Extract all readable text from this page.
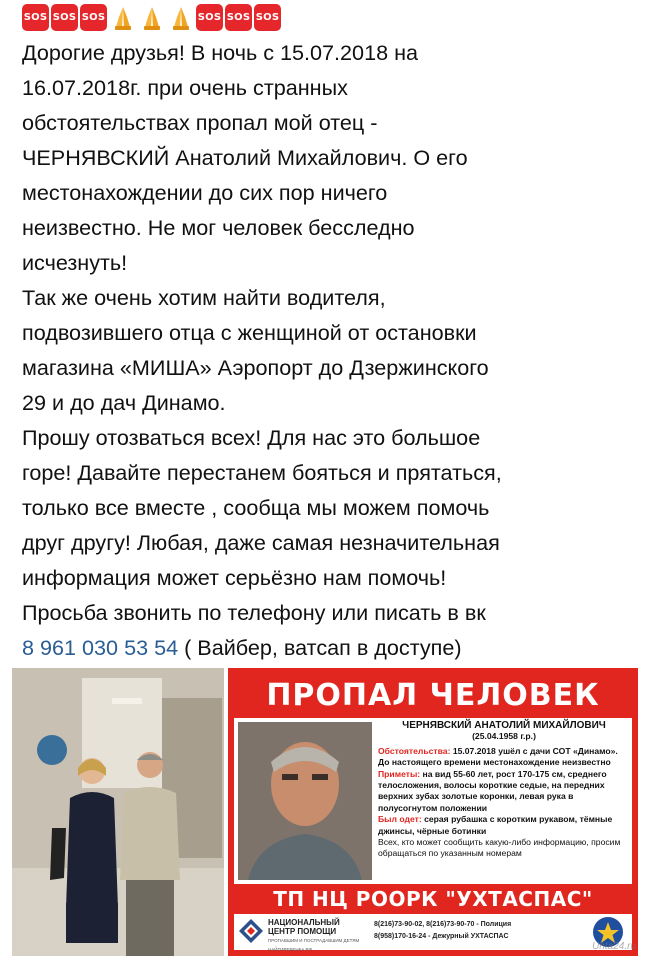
SOS SOS SOS	SOS SOS SOS
Дорогие друзья! В ночь с 15.07.2018 на
16.07.2018г. при очень странных
обстоятельствах пропал мой отец -
ЧЕРНЯВСКИЙ Анатолий Михайлович. О его
местонахождении до сих пор ничего
неизвестно. Не мог человек бесследно
исчезнуть!
Так же очень хотим найти водителя,
подвозившего отца с женщиной от остановки
магазина «МИША» Аэропорт до Дзержинского
29 и до дач Динамо.
Прошу отозваться всех! Для нас это большое
горе! Давайте перестанем бояться и прятаться,
только все вместе , сообща мы можем помочь
друг другу! Любая, даже самая незначительная
информация может серьёзно нам помочь!
Просьба звонить по телефону или писать в вк
8 961 030 53 54 ( Вайбер, ватсап в доступе)
ПРОПАЛ ЧЕЛОВЕК
ЧЕРНЯВСКИЙ АНАТОЛИЙ МИХАЙЛОВИЧ
(25.04.1958 г.р.)
Обстоятельства: 15.07.2018 ушёл с дачи СОТ «Динамо». До настоящего времени местонахождение неизвестно
Приметы: на вид 55-60 лет, рост 170-175 см, среднего телосложения, волосы короткие седые, на передних верхних зубах золотые коронки, левая рука в полусогнутом положении
Был одет: серая рубашка с коротким рукавом, тёмные джинсы, чёрные ботинки
Всех, кто может сообщить какую-либо информацию, просим обращаться по указанным номерам
ТП НЦ РООРК "УХТАСПАС"
НАЦИОНАЛЬНЫЙ
ЦЕНТР ПОМОЩИ
ПРОПАВШИМ И ПОСТРАДАВШИМ ДЕТЯМ
НАЙТИРЕБЕНКА.РФ
8(216)73-90-02, 8(216)73-90-70 - Полиция
8(958)170-16-24 - Дежурный УХТАСПАС
Uhta24.ru
